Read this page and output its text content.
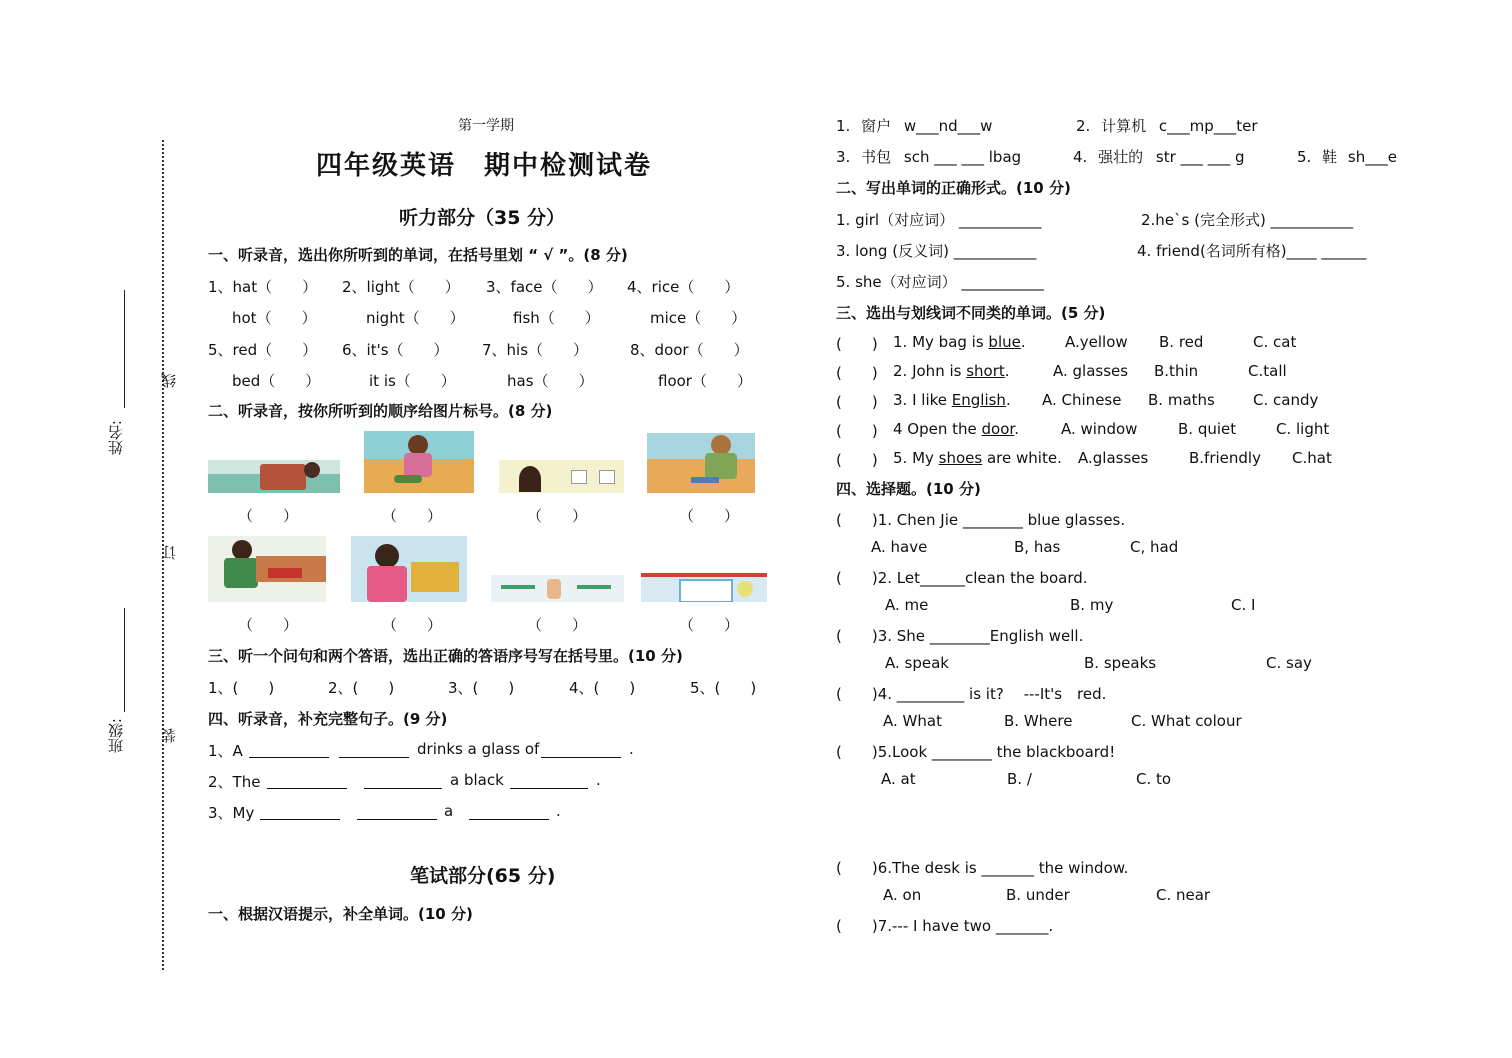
姓名:
班级:
线
订
装
第一学期
四年级英语　期中检测试卷
听力部分（35 分）
一、听录音，选出你所听到的单词，在括号里划 “ √ ”。(8 分)
1、hat（　　） 2、light（　　） 3、face（　　） 4、rice（　　）
hot（　　）	night（　　）	fish（　　）	mice（　　）
5、red（　　） 6、it's（　　） 7、his（　　）	8、door（　　）
bed（　　）	it is（　　）	has（　　）	floor（　　）
二、听录音，按你所听到的顺序给图片标号。(8 分)
（　　）	（　　）	（　　）	（　　）
（　　）	（　　）	（　　）	（　　）
三、听一个问句和两个答语，选出正确的答语序号写在括号里。(10 分)
1、(　　)	2、(　　)	3、(　　)	4、(　　)	5、(　　)
四、听录音，补充完整句子。(9 分)
1、A	drinks a glass of	.
2、The	a black	.
3、My	a	.
笔试部分(65 分)
一、根据汉语提示，补全单词。(10 分)
1. 窗户 w___nd___w	2. 计算机 c___mp___ter
3. 书包 sch ___ ___ lbag	4. 强壮的 str ___ ___ g	5. 鞋 sh___e
二、写出单词的正确形式。(10 分)
1. girl（对应词） ___________	2.he`s (完全形式) ___________
3. long (反义词) ___________	4. friend(名词所有格)____ ______
5. she（对应词） ___________
三、选出与划线词不同类的单词。(5 分)
(　　) 1. My bag is blue.	A.yellow B. red	C. cat
(　　) 2. John is short.	A. glasses B.thin	C.tall
(　　) 3. I like English. A. Chinese B. maths	C. candy
(　　) 4 Open the door.	A. window	B. quiet	C. light
(　　) 5. My shoes are white. A.glasses	B.friendly C.hat
四、选择题。(10 分)
(　　)1. Chen Jie ________ blue glasses.
A. have	B, has	C, had
(　　)2. Let______clean the board.
A. me	B. my	C. I
(　　)3. She ________English well.
A. speak	B. speaks	C. say
(　　)4. _________ is it?　 ---It's　red.
A. What	B. Where	C. What colour
(　　)5.Look ________ the blackboard!
A. at	B. /	C. to
(　　)6.The desk is _______ the window.
A. on	B. under	C. near
(　　)7.--- I have two _______.
